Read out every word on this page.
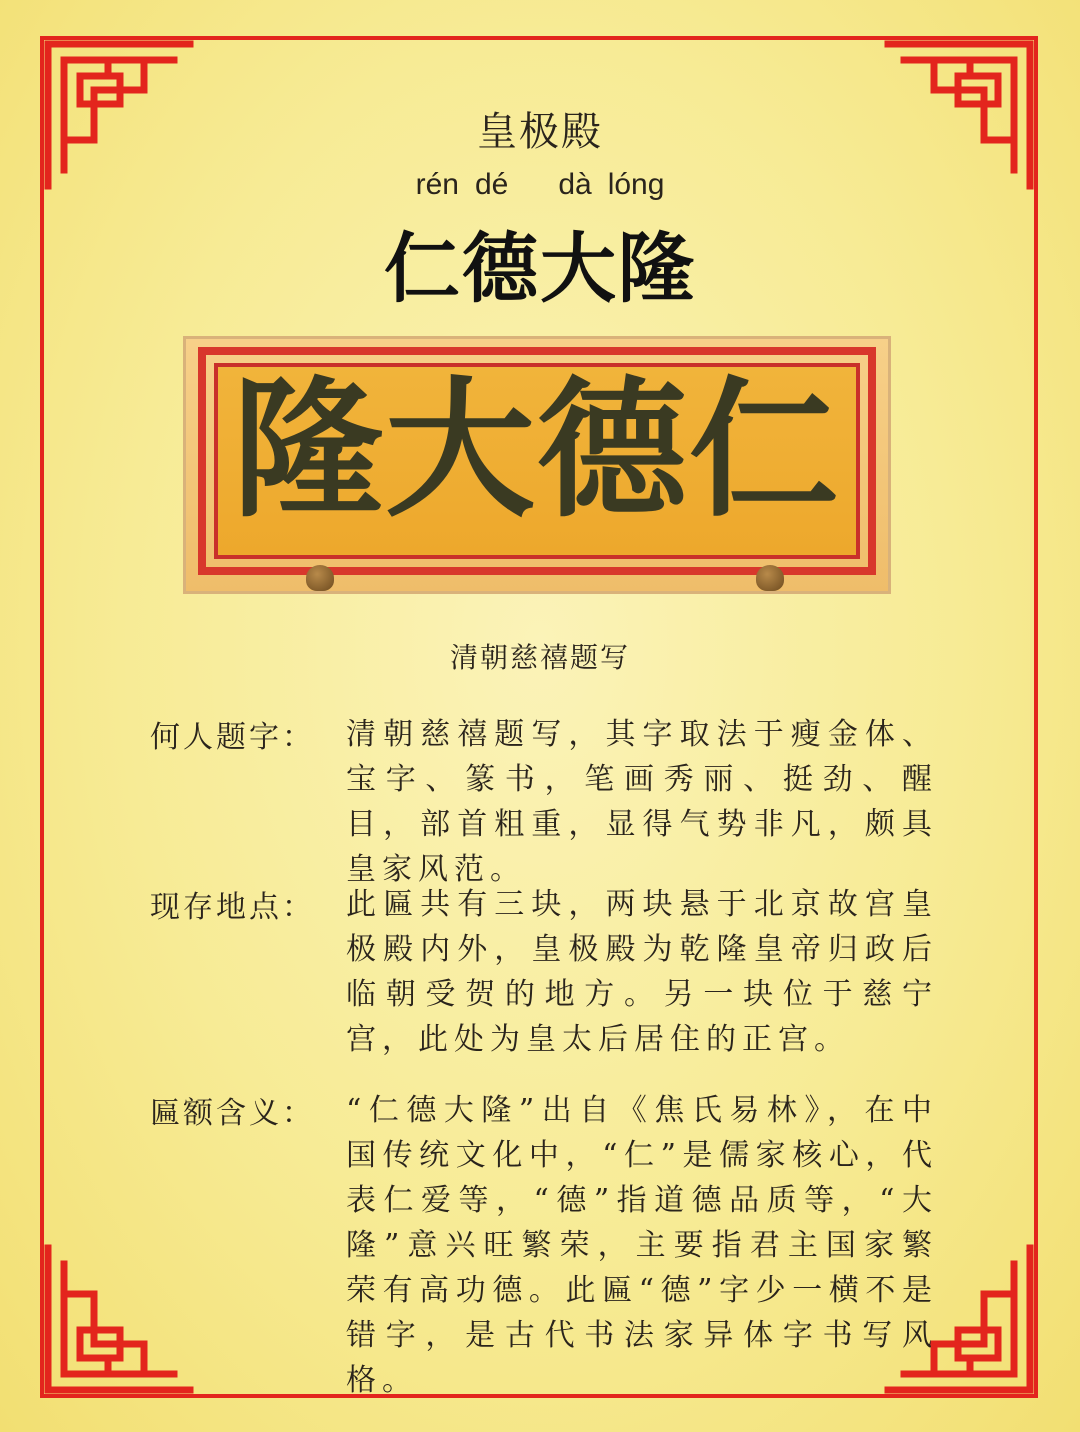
皇极殿
rén dé dà lóng
仁德大隆
隆大德仁
清朝慈禧题写
何人题字： 清朝慈禧题写，其字取法于瘦金体、宝字、篆书，笔画秀丽、挺劲、醒目，部首粗重，显得气势非凡，颇具皇家风范。
现存地点： 此匾共有三块，两块悬于北京故宫皇极殿内外，皇极殿为乾隆皇帝归政后临朝受贺的地方。另一块位于慈宁宫，此处为皇太后居住的正宫。
匾额含义： “仁德大隆”出自《焦氏易林》，在中国传统文化中，“仁”是儒家核心，代表仁爱等，“德”指道德品质等，“大隆”意兴旺繁荣，主要指君主国家繁荣有高功德。此匾“德”字少一横不是错字，是古代书法家异体字书写风格。
